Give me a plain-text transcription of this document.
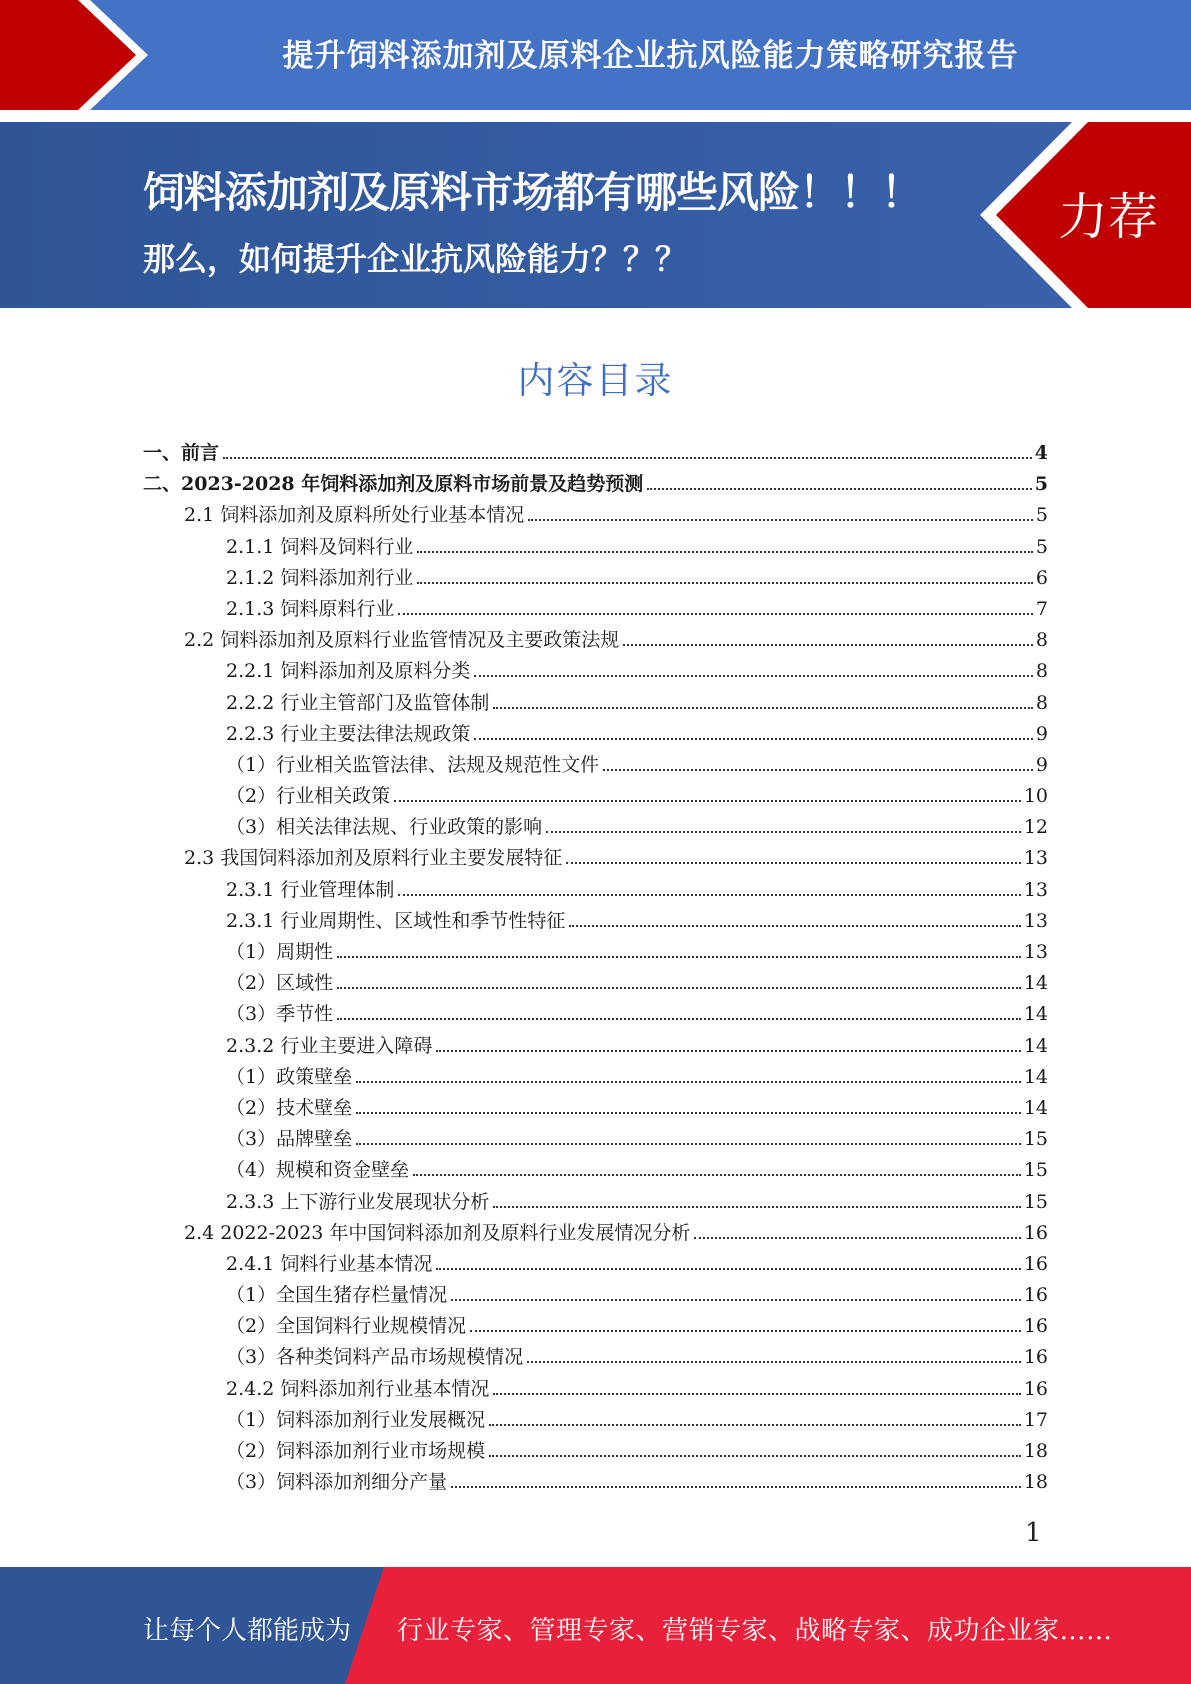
提升饲料添加剂及原料企业抗风险能力策略研究报告
饲料添加剂及原料市场都有哪些风险！！！
那么，如何提升企业抗风险能力？？？
力荐
内容目录
一、前言	4
二、2023-2028 年饲料添加剂及原料市场前景及趋势预测	5
2.1 饲料添加剂及原料所处行业基本情况	5
2.1.1 饲料及饲料行业	5
2.1.2 饲料添加剂行业	6
2.1.3 饲料原料行业	7
2.2 饲料添加剂及原料行业监管情况及主要政策法规	8
2.2.1 饲料添加剂及原料分类	8
2.2.2 行业主管部门及监管体制	8
2.2.3 行业主要法律法规政策	9
（1）行业相关监管法律、法规及规范性文件	9
（2）行业相关政策	10
（3）相关法律法规、行业政策的影响	12
2.3 我国饲料添加剂及原料行业主要发展特征	13
2.3.1 行业管理体制	13
2.3.1 行业周期性、区域性和季节性特征	13
（1）周期性	13
（2）区域性	14
（3）季节性	14
2.3.2 行业主要进入障碍	14
（1）政策壁垒	14
（2）技术壁垒	14
（3）品牌壁垒	15
（4）规模和资金壁垒	15
2.3.3 上下游行业发展现状分析	15
2.4 2022-2023 年中国饲料添加剂及原料行业发展情况分析	16
2.4.1 饲料行业基本情况	16
（1）全国生猪存栏量情况	16
（2）全国饲料行业规模情况	16
（3）各种类饲料产品市场规模情况	16
2.4.2 饲料添加剂行业基本情况	16
（1）饲料添加剂行业发展概况	17
（2）饲料添加剂行业市场规模	18
（3）饲料添加剂细分产量	18
1
让每个人都能成为 行业专家、管理专家、营销专家、战略专家、成功企业家……
